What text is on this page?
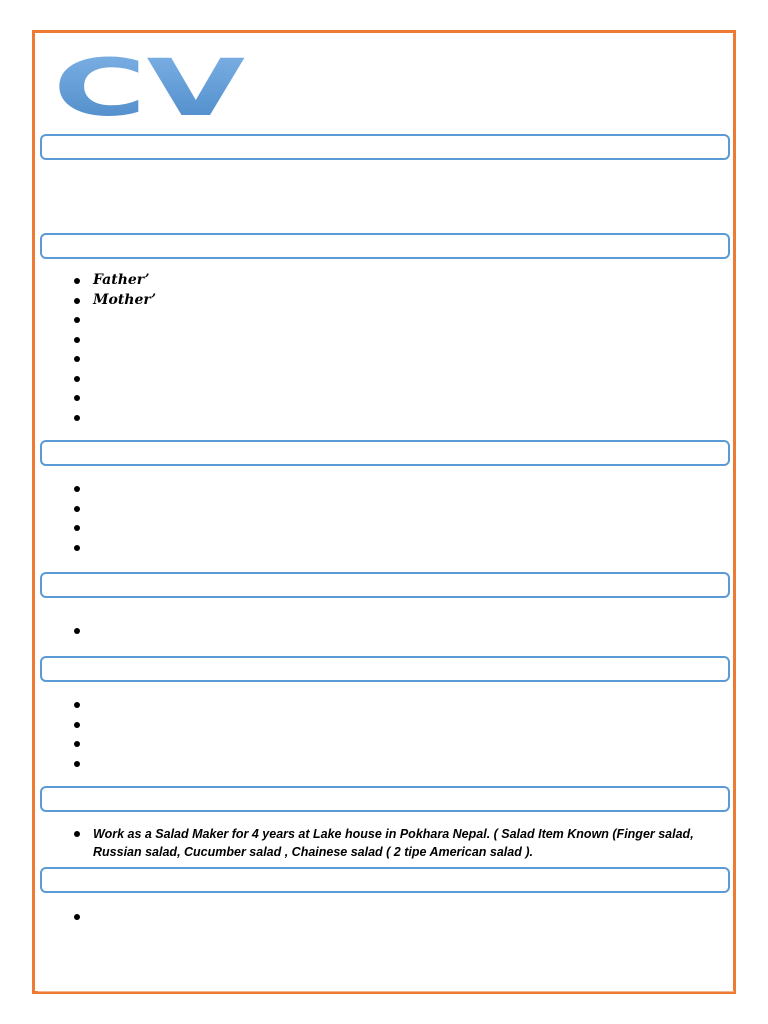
CV
Father’
Mother’
Work as a Salad Maker for 4 years at Lake house in Pokhara Nepal. ( Salad Item Known (Finger salad, Russian salad, Cucumber salad , Chainese salad ( 2 tipe American salad ).
